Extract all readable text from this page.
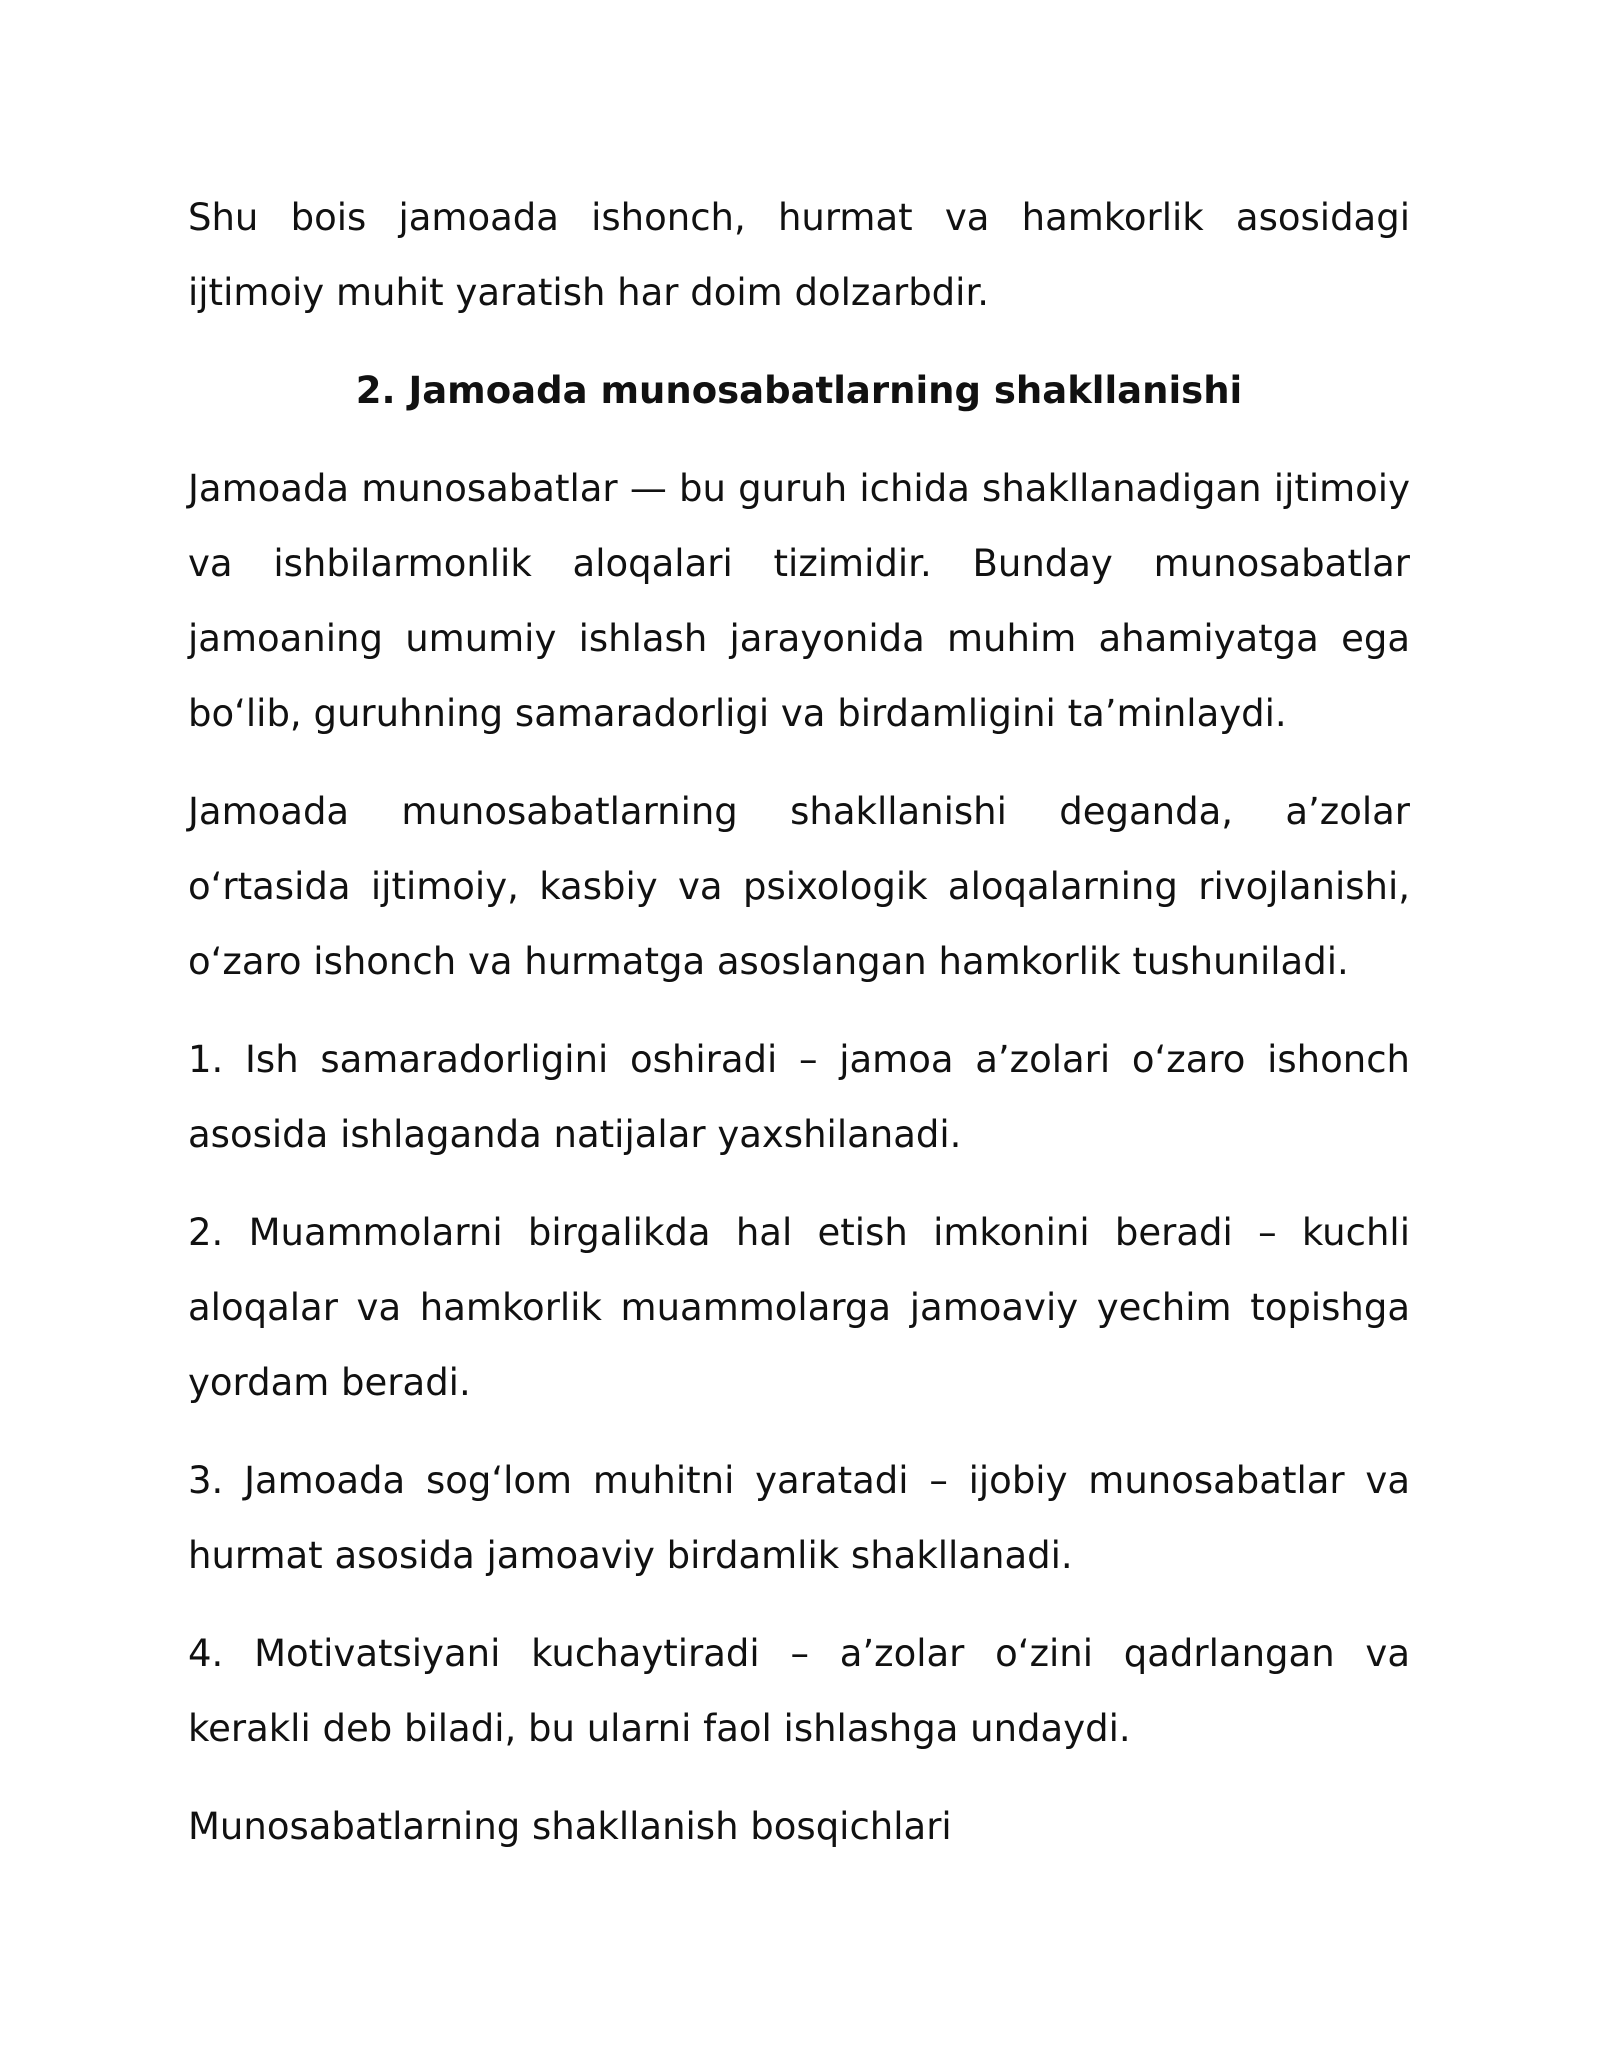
Shu bois jamoada ishonch, hurmat va hamkorlik asosidagi ijtimoiy muhit yaratish har doim dolzarbdir.

2. Jamoada munosabatlarning shakllanishi

Jamoada munosabatlar — bu guruh ichida shakllanadigan ijtimoiy va ishbilarmonlik aloqalari tizimidir. Bunday munosabatlar jamoaning umumiy ishlash jarayonida muhim ahamiyatga ega bo‘lib, guruhning samaradorligi va birdamligini ta’minlaydi.

Jamoada munosabatlarning shakllanishi deganda, a’zolar o‘rtasida ijtimoiy, kasbiy va psixologik aloqalarning rivojlanishi, o‘zaro ishonch va hurmatga asoslangan hamkorlik tushuniladi.

1. Ish samaradorligini oshiradi – jamoa a’zolari o‘zaro ishonch asosida ishlaganda natijalar yaxshilanadi.

2. Muammolarni birgalikda hal etish imkonini beradi – kuchli aloqalar va hamkorlik muammolarga jamoaviy yechim topishga yordam beradi.

3. Jamoada sog‘lom muhitni yaratadi – ijobiy munosabatlar va hurmat asosida jamoaviy birdamlik shakllanadi.

4. Motivatsiyani kuchaytiradi – a’zolar o‘zini qadrlangan va kerakli deb biladi, bu ularni faol ishlashga undaydi.

Munosabatlarning shakllanish bosqichlari
